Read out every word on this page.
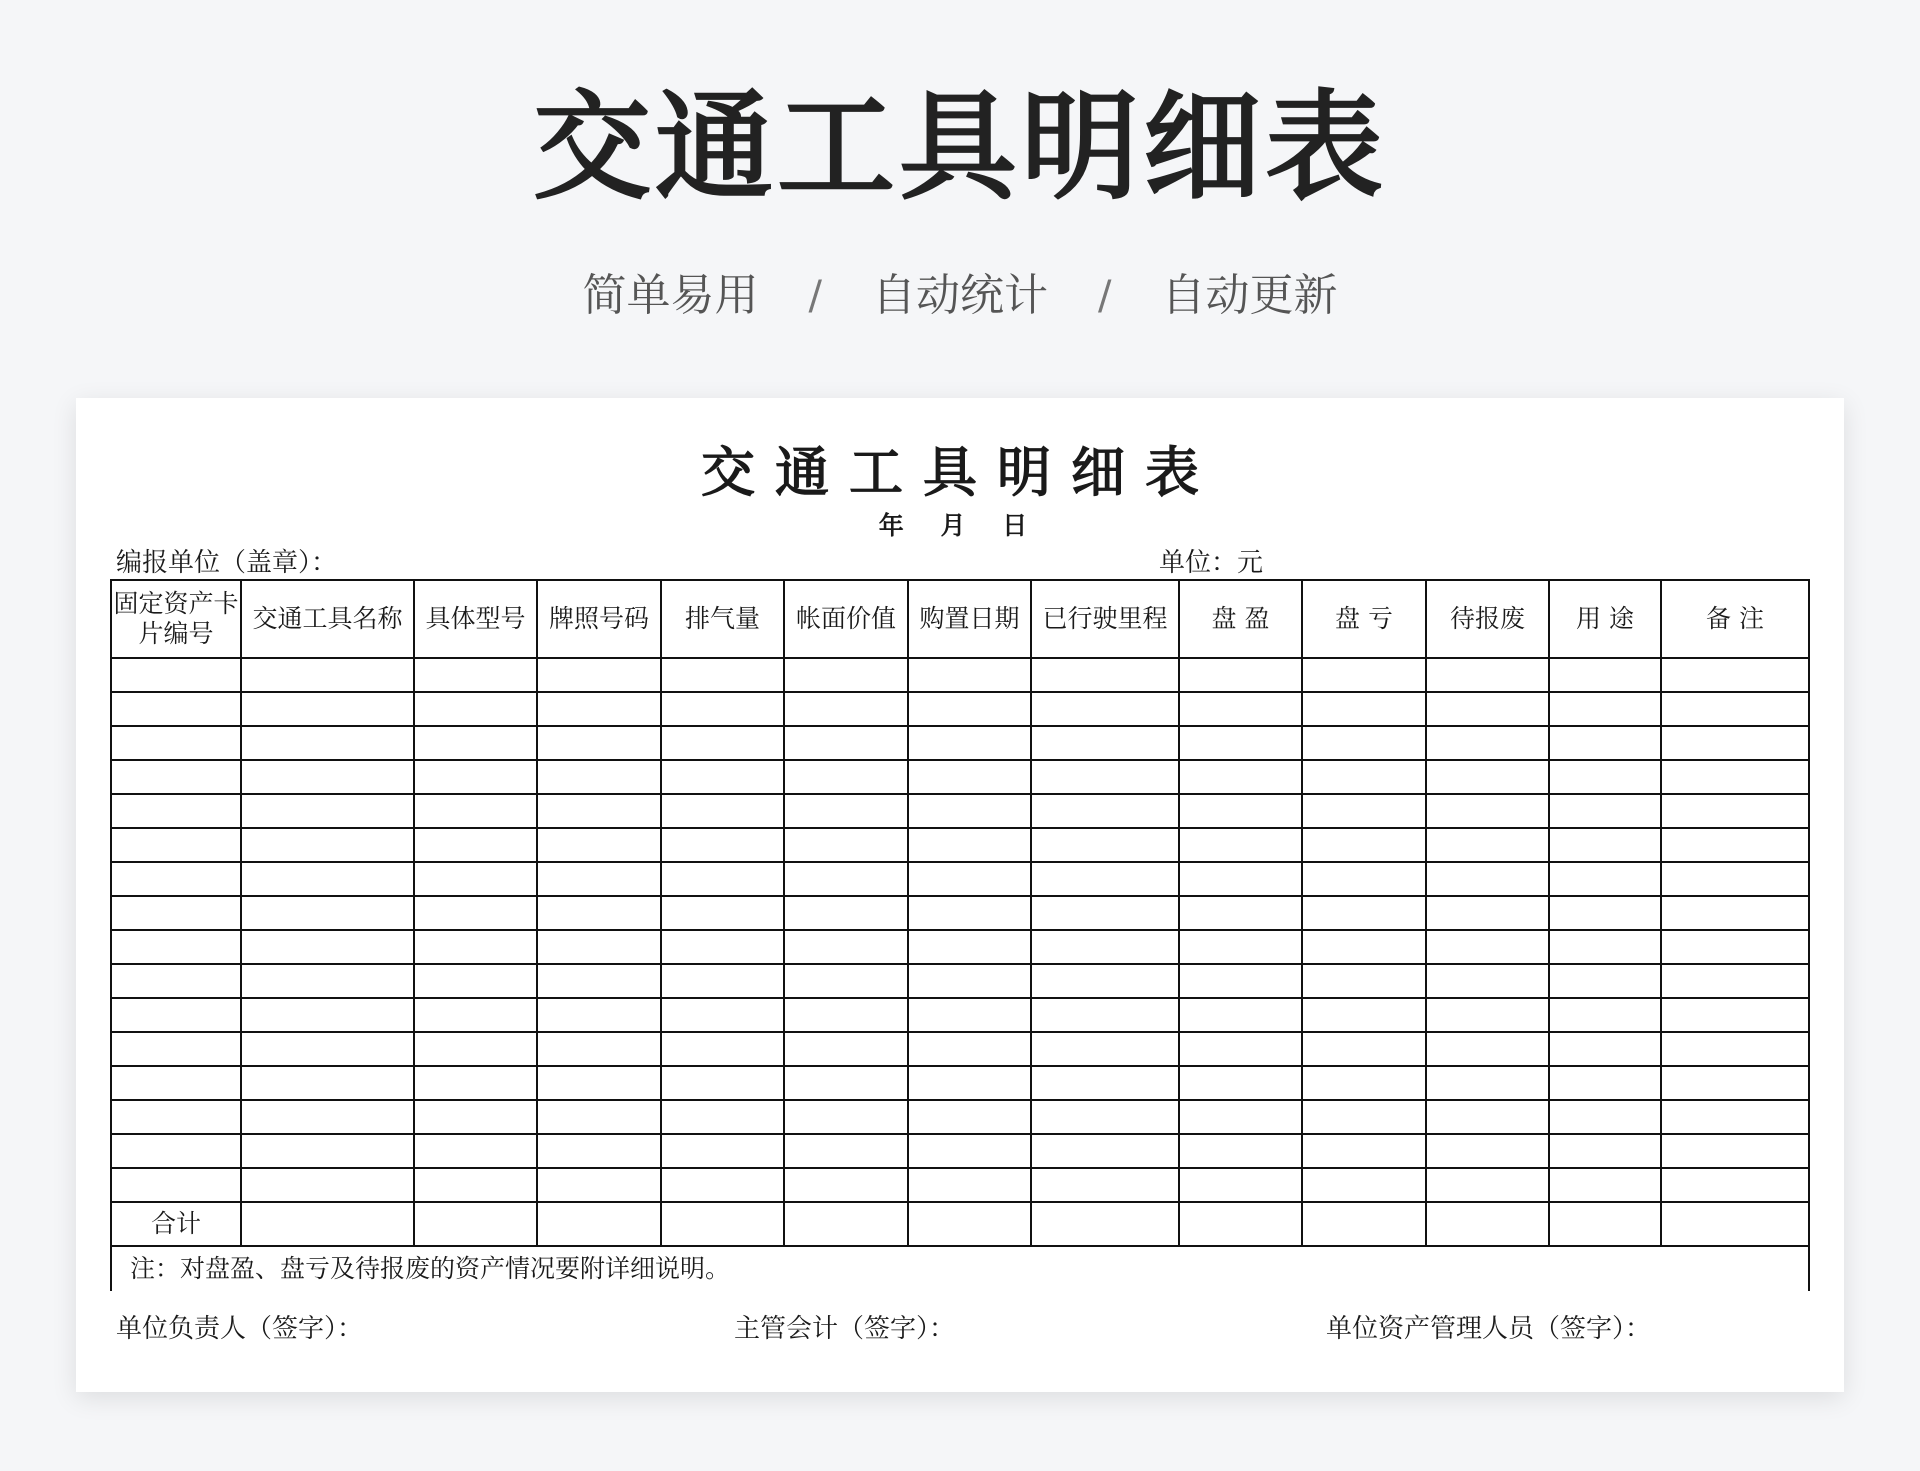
交通工具明细表
简单易用	/	自动统计	/	自动更新
交通工具明细表
年 月 日
编报单位（盖章）：	单位：元
固定资产卡片编号	交通工具名称	具体型号	牌照号码	排气量	帐面价值	购置日期	已行驶里程	盘 盈	盘 亏	待报废	用 途	备 注

合计												
注：对盘盈、盘亏及待报废的资产情况要附详细说明。												
单位负责人（签字）：	主管会计（签字）：	单位资产管理人员（签字）：
